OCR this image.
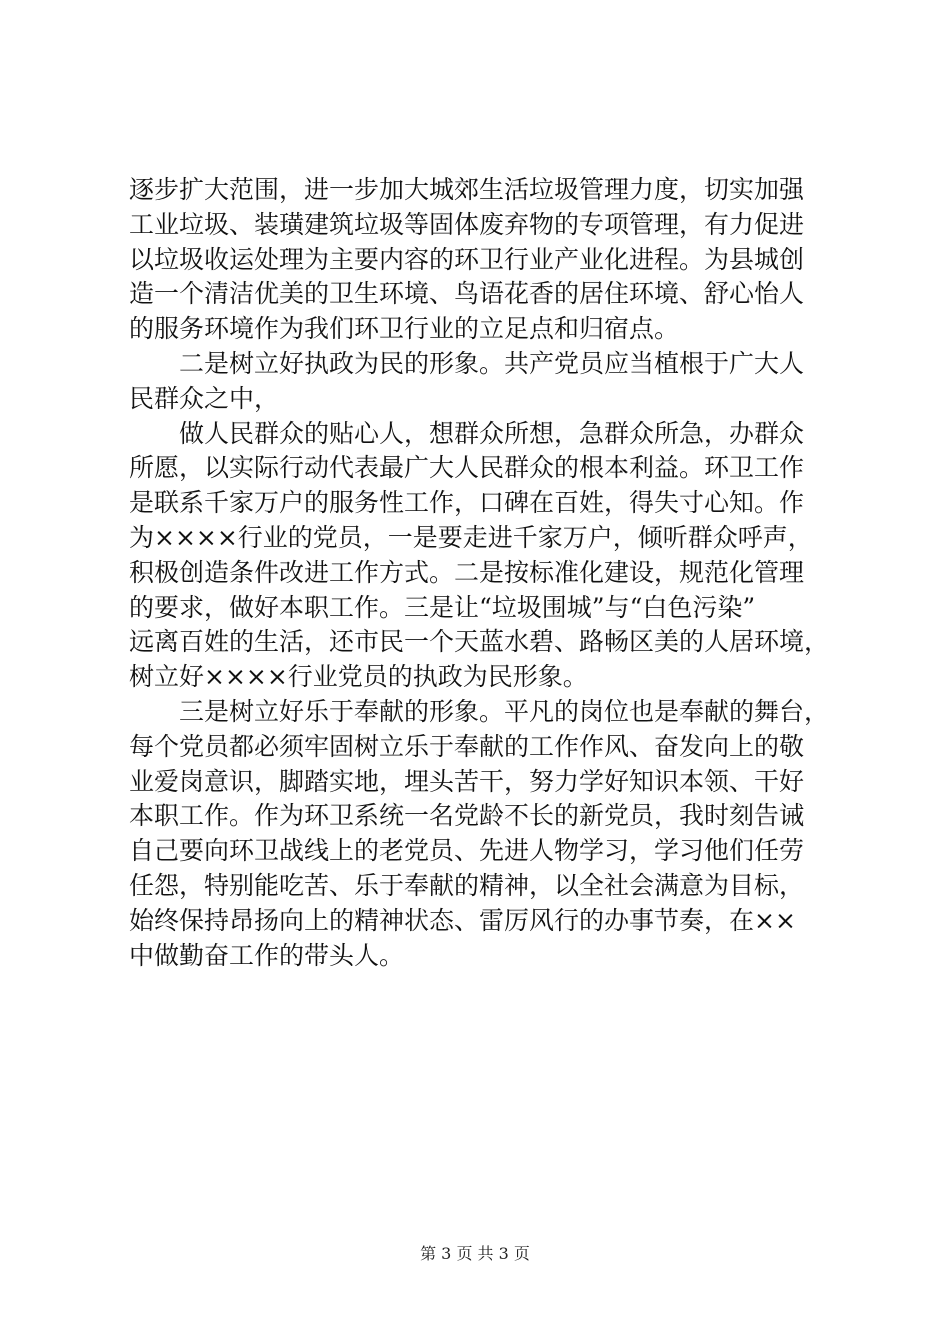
逐步扩大范围，进一步加大城郊生活垃圾管理力度，切实加强
工业垃圾、装璜建筑垃圾等固体废弃物的专项管理，有力促进
以垃圾收运处理为主要内容的环卫行业产业化进程。为县城创
造一个清洁优美的卫生环境、鸟语花香的居住环境、舒心怡人
的服务环境作为我们环卫行业的立足点和归宿点。
二是树立好执政为民的形象。共产党员应当植根于广大人
民群众之中，
做人民群众的贴心人，想群众所想，急群众所急，办群众
所愿，以实际行动代表最广大人民群众的根本利益。环卫工作
是联系千家万户的服务性工作，口碑在百姓，得失寸心知。作
为××××行业的党员，一是要走进千家万户，倾听群众呼声，
积极创造条件改进工作方式。二是按标准化建设，规范化管理
的要求，做好本职工作。三是让“垃圾围城”与“白色污染”
远离百姓的生活，还市民一个天蓝水碧、路畅区美的人居环境，
树立好××××行业党员的执政为民形象。
三是树立好乐于奉献的形象。平凡的岗位也是奉献的舞台，
每个党员都必须牢固树立乐于奉献的工作作风、奋发向上的敬
业爱岗意识，脚踏实地，埋头苦干，努力学好知识本领、干好
本职工作。作为环卫系统一名党龄不长的新党员，我时刻告诫
自己要向环卫战线上的老党员、先进人物学习，学习他们任劳
任怨，特别能吃苦、乐于奉献的精神，以全社会满意为目标，
始终保持昂扬向上的精神状态、雷厉风行的办事节奏，在××
中做勤奋工作的带头人。
第 3 页 共 3 页
